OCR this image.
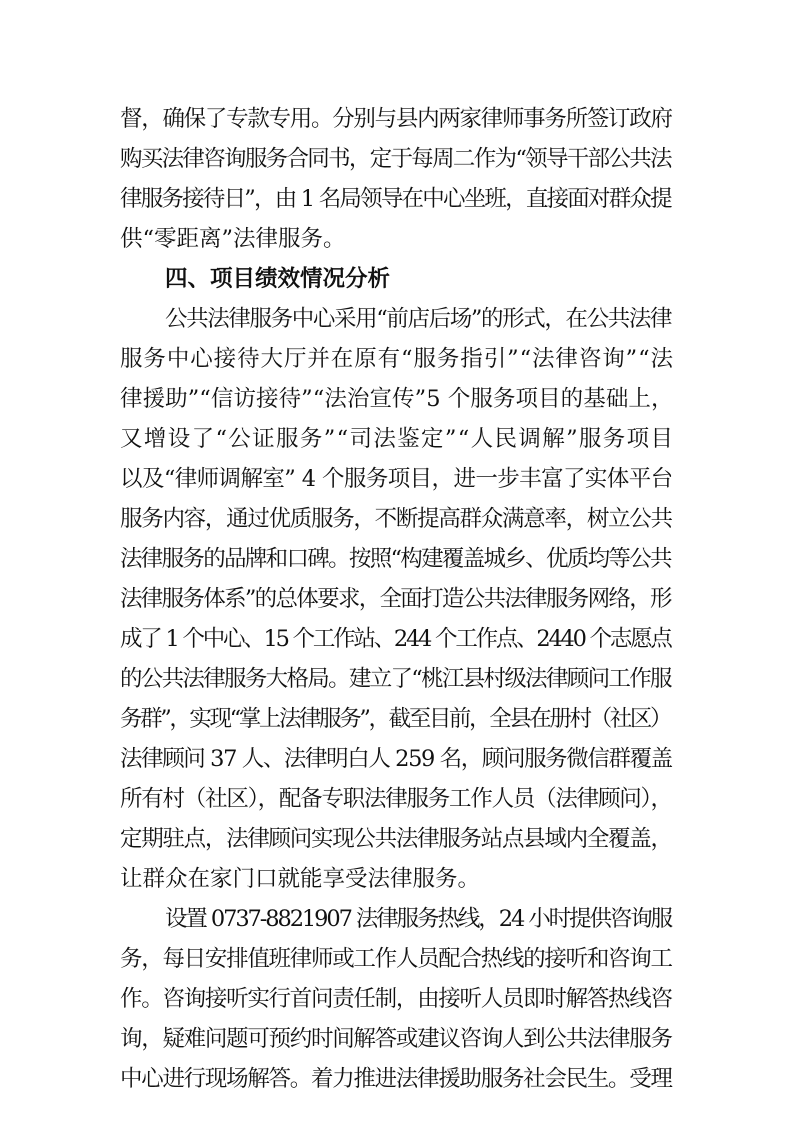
督，确保了专款专用。分别与县内两家律师事务所签订政府
购买法律咨询服务合同书，定于每周二作为“领导干部公共法
律服务接待日”，由 1 名局领导在中心坐班，直接面对群众提
供“零距离”法律服务。
四、项目绩效情况分析
公共法律服务中心采用“前店后场”的形式，在公共法律
服务中心接待大厅并在原有“服务指引”“法律咨询”“法
律援助”“信访接待”“法治宣传”5 个服务项目的基础上，
又增设了“公证服务”“司法鉴定”“人民调解”服务项目
以及“律师调解室” 4 个服务项目，进一步丰富了实体平台
服务内容，通过优质服务，不断提高群众满意率，树立公共
法律服务的品牌和口碑。按照“构建覆盖城乡、优质均等公共
法律服务体系”的总体要求，全面打造公共法律服务网络，形
成了 1 个中心、15 个工作站、244 个工作点、2440 个志愿点
的公共法律服务大格局。建立了“桃江县村级法律顾问工作服
务群”，实现“掌上法律服务”，截至目前，全县在册村（社区）
法律顾问 37 人、法律明白人 259 名，顾问服务微信群覆盖
所有村（社区），配备专职法律服务工作人员（法律顾问），
定期驻点，法律顾问实现公共法律服务站点县域内全覆盖，
让群众在家门口就能享受法律服务。
设置 0737-8821907 法律服务热线，24 小时提供咨询服
务，每日安排值班律师或工作人员配合热线的接听和咨询工
作。咨询接听实行首问责任制，由接听人员即时解答热线咨
询，疑难问题可预约时间解答或建议咨询人到公共法律服务
中心进行现场解答。着力推进法律援助服务社会民生。受理
